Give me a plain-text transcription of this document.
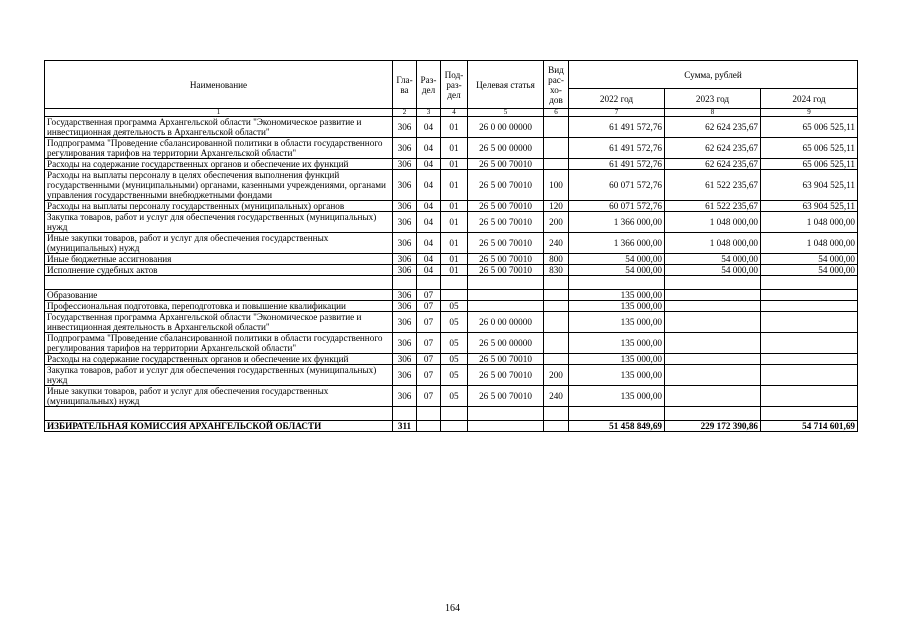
Наименование	Гла-ва	Раз-дел	Под-раз-дел	Целевая статья	Вид рас-хо-дов	Сумма, рублей		
						2022 год	2023 год	2024 год
1	2	3	4	5	6	7	8	9
Государственная программа Архангельской области "Экономическое развитие и инвестиционная деятельность в Архангельской области"	306	04	01	26 0 00 00000		61 491 572,76	62 624 235,67	65 006 525,11
Подпрограмма "Проведение сбалансированной политики в области государственного регулирования тарифов на территории Архангельской области"	306	04	01	26 5 00 00000		61 491 572,76	62 624 235,67	65 006 525,11
Расходы на содержание государственных органов и обеспечение их функций	306	04	01	26 5 00 70010		61 491 572,76	62 624 235,67	65 006 525,11
Расходы на выплаты персоналу в целях обеспечения выполнения функций государственными (муниципальными) органами, казенными учреждениями, органами управления государственными внебюджетными фондами	306	04	01	26 5 00 70010	100	60 071 572,76	61 522 235,67	63 904 525,11
Расходы на выплаты персоналу государственных (муниципальных) органов	306	04	01	26 5 00 70010	120	60 071 572,76	61 522 235,67	63 904 525,11
Закупка товаров, работ и услуг для обеспечения государственных (муниципальных) нужд	306	04	01	26 5 00 70010	200	1 366 000,00	1 048 000,00	1 048 000,00
Иные закупки товаров, работ и услуг для обеспечения государственных (муниципальных) нужд	306	04	01	26 5 00 70010	240	1 366 000,00	1 048 000,00	1 048 000,00
Иные бюджетные ассигнования	306	04	01	26 5 00 70010	800	54 000,00	54 000,00	54 000,00
Исполнение судебных актов	306	04	01	26 5 00 70010	830	54 000,00	54 000,00	54 000,00

Образование	306	07				135 000,00		
Профессиональная подготовка, переподготовка и повышение квалификации	306	07	05			135 000,00		
Государственная программа Архангельской области "Экономическое развитие и инвестиционная деятельность в Архангельской области"	306	07	05	26 0 00 00000		135 000,00		
Подпрограмма "Проведение сбалансированной политики в области государственного регулирования тарифов на территории Архангельской области"	306	07	05	26 5 00 00000		135 000,00		
Расходы на содержание государственных органов и обеспечение их функций	306	07	05	26 5 00 70010		135 000,00		
Закупка товаров, работ и услуг для обеспечения государственных (муниципальных) нужд	306	07	05	26 5 00 70010	200	135 000,00		
Иные закупки товаров, работ и услуг для обеспечения государственных (муниципальных) нужд	306	07	05	26 5 00 70010	240	135 000,00		

ИЗБИРАТЕЛЬНАЯ КОМИССИЯ АРХАНГЕЛЬСКОЙ ОБЛАСТИ	311					51 458 849,69	229 172 390,86	54 714 601,69
164
